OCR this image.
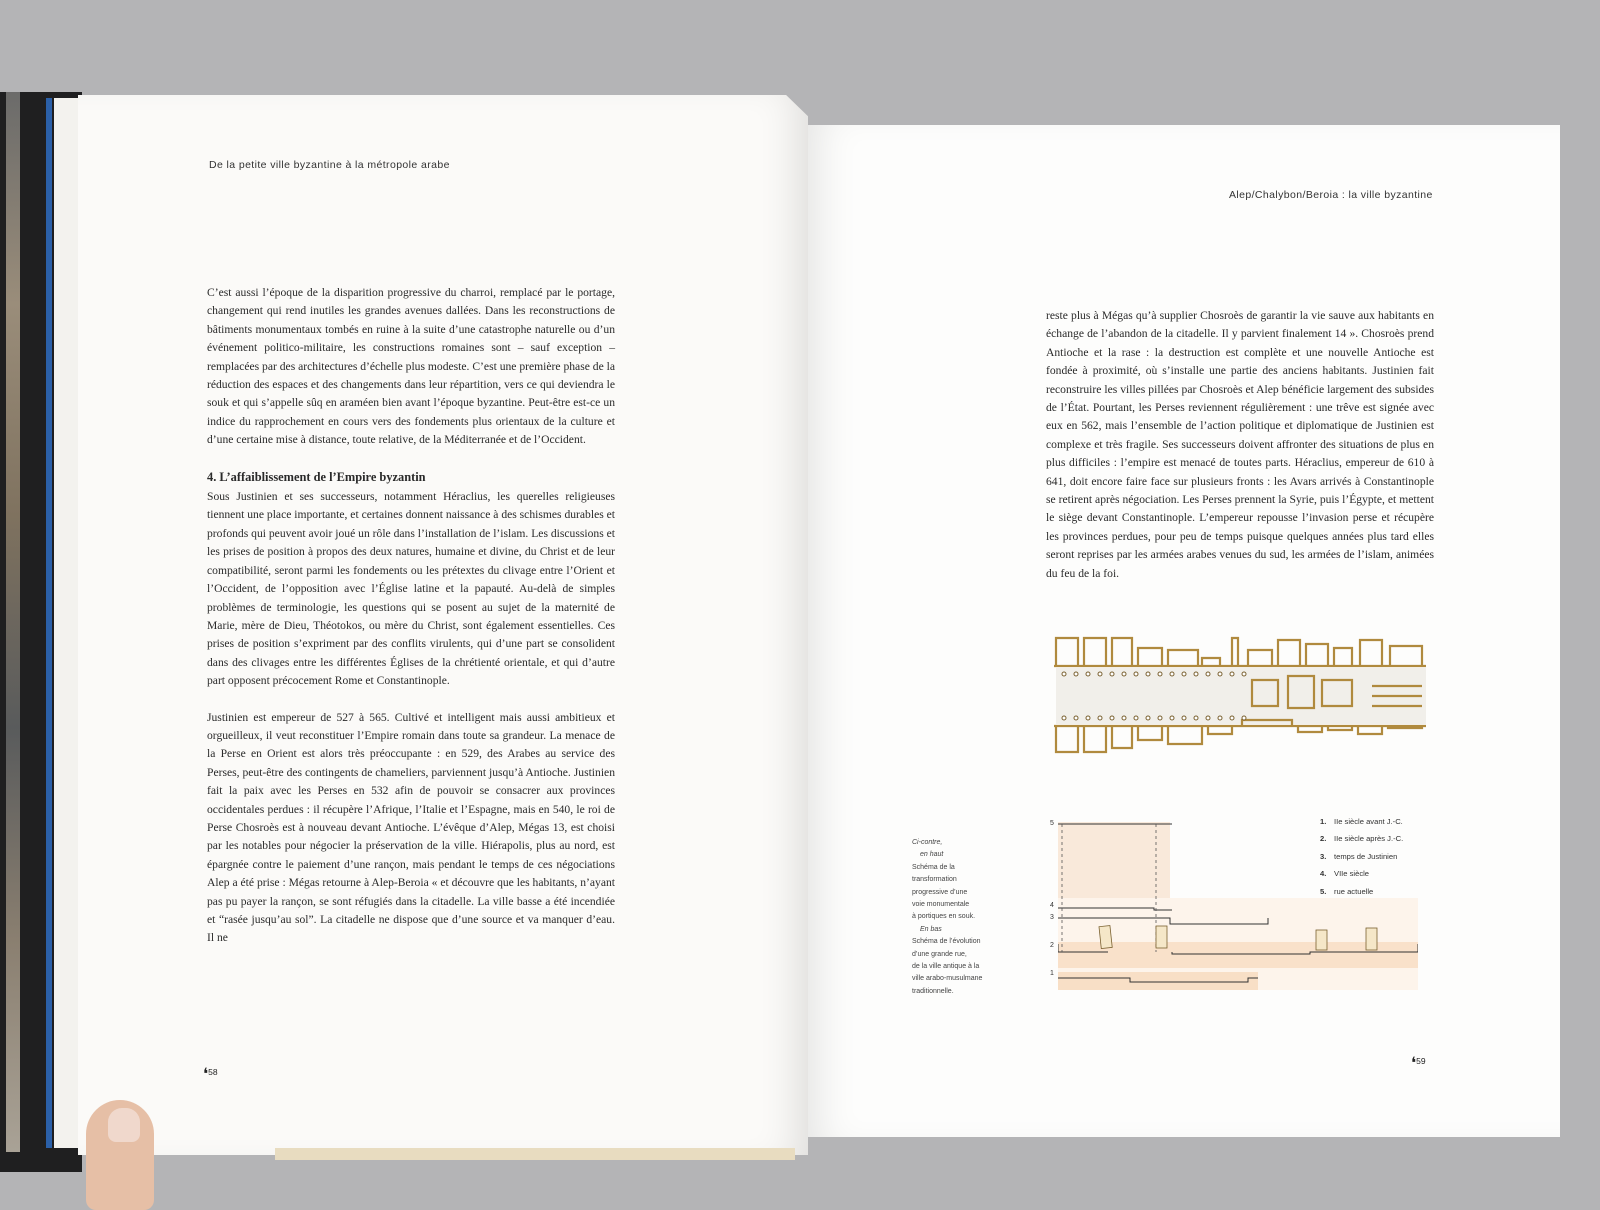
De la petite ville byzantine à la métropole arabe

C’est aussi l’époque de la disparition progressive du charroi, remplacé par le portage, changement qui rend inutiles les grandes avenues dallées. Dans les reconstructions de bâtiments monumentaux tombés en ruine à la suite d’une catastrophe naturelle ou d’un événement politico-militaire, les constructions romaines sont – sauf exception – remplacées par des architectures d’échelle plus modeste. C’est une première phase de la réduction des espaces et des changements dans leur répartition, vers ce qui deviendra le souk et qui s’appelle sûq en araméen bien avant l’époque byzantine. Peut-être est-ce un indice du rapprochement en cours vers des fondements plus orientaux de la culture et d’une certaine mise à distance, toute relative, de la Méditerranée et de l’Occident.

4. L’affaiblissement de l’Empire byzantin

Sous Justinien et ses successeurs, notamment Héraclius, les querelles religieuses tiennent une place importante, et certaines donnent naissance à des schismes durables et profonds qui peuvent avoir joué un rôle dans l’installation de l’islam. Les discussions et les prises de position à propos des deux natures, humaine et divine, du Christ et de leur compatibilité, seront parmi les fondements ou les prétextes du clivage entre l’Orient et l’Occident, de l’opposition avec l’Église latine et la papauté. Au-delà de simples problèmes de terminologie, les questions qui se posent au sujet de la maternité de Marie, mère de Dieu, Théotokos, ou mère du Christ, sont également essentielles. Ces prises de position s’expriment par des conflits virulents, qui d’une part se consolident dans des clivages entre les différentes Églises de la chrétienté orientale, et qui d’autre part opposent précocement Rome et Constantinople.

Justinien est empereur de 527 à 565. Cultivé et intelligent mais aussi ambitieux et orgueilleux, il veut reconstituer l’Empire romain dans toute sa grandeur. La menace de la Perse en Orient est alors très préoccupante : en 529, des Arabes au service des Perses, peut-être des contingents de chameliers, parviennent jusqu’à Antioche. Justinien fait la paix avec les Perses en 532 afin de pouvoir se consacrer aux provinces occidentales perdues : il récupère l’Afrique, l’Italie et l’Espagne, mais en 540, le roi de Perse Chosroès est à nouveau devant Antioche. L’évêque d’Alep, Mégas 13, est choisi par les notables pour négocier la préservation de la ville. Hiérapolis, plus au nord, est épargnée contre le paiement d’une rançon, mais pendant le temps de ces négociations Alep a été prise : Mégas retourne à Alep-Beroia « et découvre que les habitants, n’ayant pas pu payer la rançon, se sont réfugiés dans la citadelle. La ville basse a été incendiée et “rasée jusqu’au sol”. La citadelle ne dispose que d’une source et va manquer d’eau. Il ne

❛58
Alep/Chalybon/Beroia : la ville byzantine

reste plus à Mégas qu’à supplier Chosroès de garantir la vie sauve aux habitants en échange de l’abandon de la citadelle. Il y parvient finalement 14 ». Chosroès prend Antioche et la rase : la destruction est complète et une nouvelle Antioche est fondée à proximité, où s’installe une partie des anciens habitants. Justinien fait reconstruire les villes pillées par Chosroès et Alep bénéficie largement des subsides de l’État. Pourtant, les Perses reviennent régulièrement : une trêve est signée avec eux en 562, mais l’ensemble de l’action politique et diplomatique de Justinien est complexe et très fragile. Ses successeurs doivent affronter des situations de plus en plus difficiles : l’empire est menacé de toutes parts. Héraclius, empereur de 610 à 641, doit encore faire face sur plusieurs fronts : les Avars arrivés à Constantinople se retirent après négociation. Les Perses prennent la Syrie, puis l’Égypte, et mettent le siège devant Constantinople. L’empereur repousse l’invasion perse et récupère les provinces perdues, pour peu de temps puisque quelques années plus tard elles seront reprises par les armées arabes venues du sud, les armées de l’islam, animées du feu de la foi.

Ci-contre,
en haut
Schéma de la
transformation
progressive d’une
voie monumentale
à portiques en souk.
En bas
Schéma de l’évolution
d’une grande rue,
de la ville antique à la
ville arabo-musulmane
traditionnelle.
5
4
3
2
1
1. IIe siècle avant J.-C.
2. IIe siècle après J.-C.
3. temps de Justinien
4. VIIe siècle
5. rue actuelle
❛59
